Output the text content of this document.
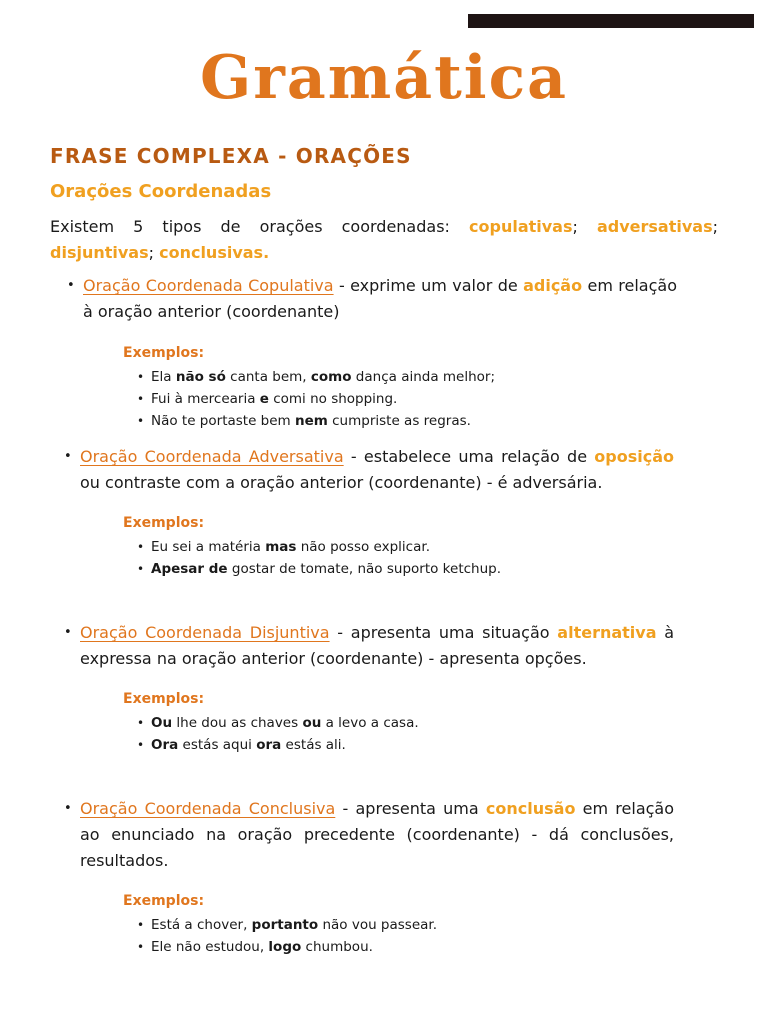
Gramática
FRASE COMPLEXA - ORAÇÕES
Orações Coordenadas

Existem 5 tipos de orações coordenadas: copulativas; adversativas; disjuntivas; conclusivas.

• Oração Coordenada Copulativa - exprime um valor de adição em relação à oração anterior (coordenante)

Exemplos:

• Ela não só canta bem, como dança ainda melhor;
• Fui à mercearia e comi no shopping.
• Não te portaste bem nem cumpriste as regras.

• Oração Coordenada Adversativa - estabelece uma relação de oposição ou contraste com a oração anterior (coordenante) - é adversária.

Exemplos:

• Eu sei a matéria mas não posso explicar.
• Apesar de gostar de tomate, não suporto ketchup.

• Oração Coordenada Disjuntiva - apresenta uma situação alternativa à expressa na oração anterior (coordenante) - apresenta opções.

Exemplos:

• Ou lhe dou as chaves ou a levo a casa.
• Ora estás aqui ora estás ali.

• Oração Coordenada Conclusiva - apresenta uma conclusão em relação ao enunciado na oração precedente (coordenante) - dá conclusões, resultados.

Exemplos:

• Está a chover, portanto não vou passear.
• Ele não estudou, logo chumbou.
